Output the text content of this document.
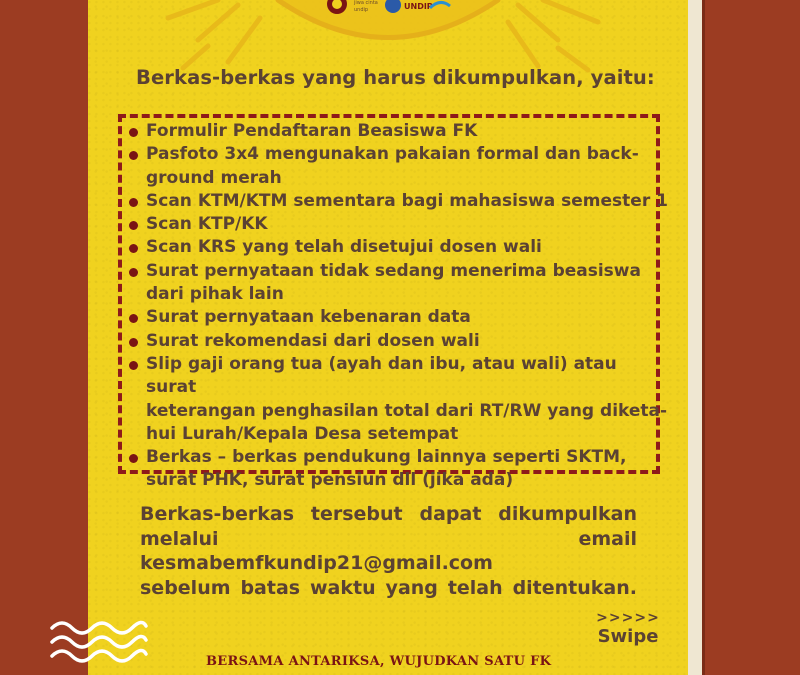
jiwa cinta
undip	UNDIP
Berkas-berkas yang harus dikumpulkan, yaitu:
Formulir Pendaftaran Beasiswa FK
Pasfoto 3x4 mengunakan pakaian formal dan back-
ground merah
Scan KTM/KTM sementara bagi mahasiswa semester 1
Scan KTP/KK
Scan KRS yang telah disetujui dosen wali
Surat pernyataan tidak sedang menerima beasiswa
dari pihak lain
Surat pernyataan kebenaran data
Surat rekomendasi dari dosen wali
Slip gaji orang tua (ayah dan ibu, atau wali) atau surat
keterangan penghasilan total dari RT/RW yang diketa-
hui Lurah/Kepala Desa setempat
Berkas – berkas pendukung lainnya seperti SKTM,
surat PHK, surat pensiun dll (jika ada)
Berkas-berkas tersebut dapat dikumpulkan
melalui email kesmabemfkundip21@gmail.com
sebelum batas waktu yang telah ditentukan.
>>>>>
Swipe
BERSAMA ANTARIKSA, WUJUDKAN SATU FK
